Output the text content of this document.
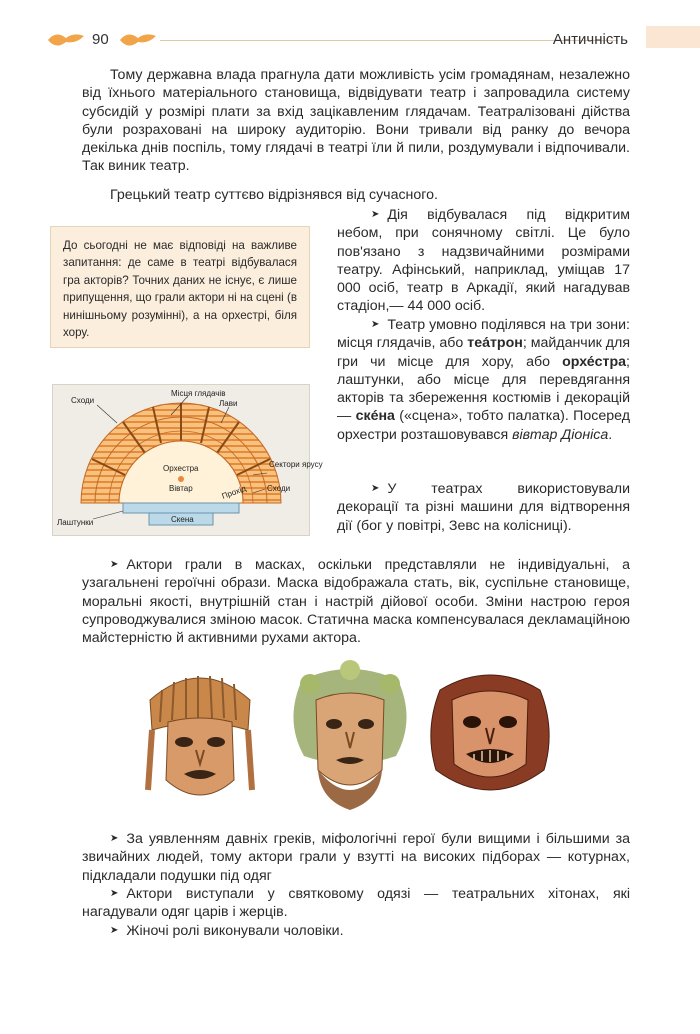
90	Античність

Тому державна влада прагнула дати можливість усім громадянам, незалежно від їхнього матеріального становища, відвідувати театр і запровадила систему субсидій у розмірі плати за вхід зацікавленим глядачам. Театралізовані дійства були розраховані на широку аудиторію. Вони тривали від ранку до вечора декілька днів поспіль, тому глядачі в театрі їли й пили, роздумували і відпочивали. Так виник театр.

Грецький театр суттєво відрізнявся від сучасного.

До сьогодні не має відповіді на важливе запитання: де саме в театрі відбувалася гра акторів? Точних даних не існує, є лише припущення, що грали актори ні на сцені (в нинішньому розумінні), а на орхестрі, біля хору.

➤ Дія відбувалася під відкритим небом, при сонячному світлі. Це було пов'язано з надзвичайними розмірами театру. Афінський, наприклад, уміщав 17 000 осіб, театр в Аркадії, який нагадував стадіон,— 44 000 осіб.

➤ Театр умовно поділявся на три зони: місця глядачів, або теа́трон; майданчик для гри чи місце для хору, або орхе́стра; лаштунки, або місце для перевдягання акторів та збереження костюмів і декорацій — скéна («сцена», тобто палатка). Посеред орхестри розташовувався вівтар Діоніса.

➤ У театрах використовували декорації та різні машини для відтворення дії (бог у повітрі, Зевс на колісниці).

Сходи
Місця глядачів
Лави
Сектори ярусу
Орхестра
Вівтар	Прохід Сходи
Лаштунки	Скена

➤ Актори грали в масках, оскільки представляли не індивідуальні, а узагальнені героїчні образи. Маска відображала стать, вік, суспільне становище, моральні якості, внутрішній стан і настрій дійової особи. Зміни настрою героя супроводжувалися зміною масок. Статична маска компенсувалася декламаційною майстерністю й активними рухами актора.

➤ За уявленням давніх греків, міфологічні герої були вищими і більшими за звичайних людей, тому актори грали у взутті на високих підборах — котурнах, підкладали подушки під одяг

➤ Актори виступали у святковому одязі — театральних хітонах, які нагадували одяг царів і жерців.

➤ Жіночі ролі виконували чоловіки.
